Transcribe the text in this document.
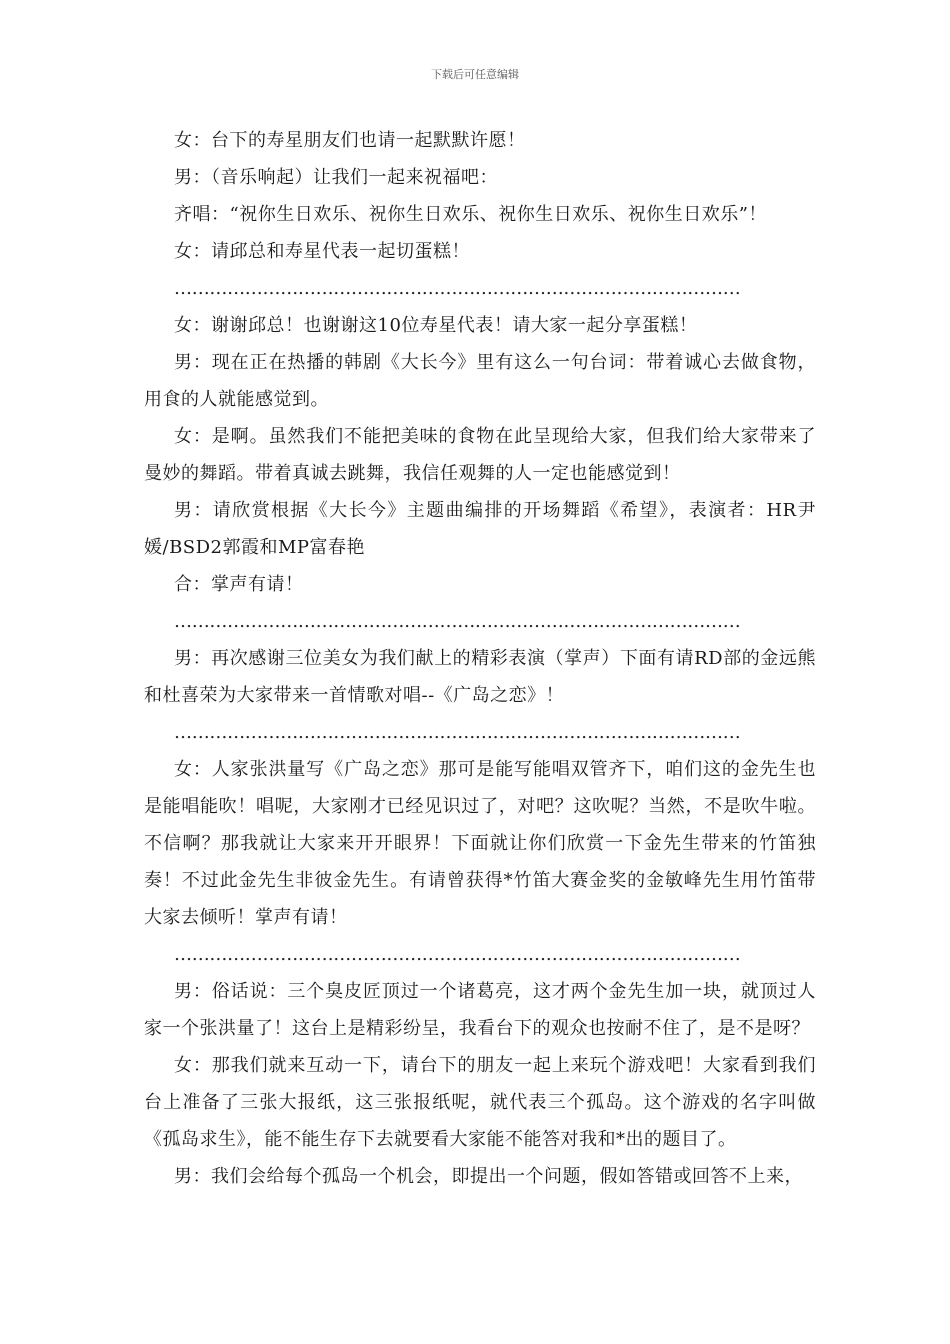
下载后可任意编辑

女：台下的寿星朋友们也请一起默默许愿！

男：（音乐响起）让我们一起来祝福吧：

齐唱：“祝你生日欢乐、祝你生日欢乐、祝你生日欢乐、祝你生日欢乐”！

女：请邱总和寿星代表一起切蛋糕！

……………………………………………………………………………………

女：谢谢邱总！也谢谢这10位寿星代表！请大家一起分享蛋糕！

男：现在正在热播的韩剧《大长今》里有这么一句台词：带着诚心去做食物，用食的人就能感觉到。

女：是啊。虽然我们不能把美味的食物在此呈现给大家，但我们给大家带来了曼妙的舞蹈。带着真诚去跳舞，我信任观舞的人一定也能感觉到！

男：请欣赏根据《大长今》主题曲编排的开场舞蹈《希望》，表演者：HR尹媛/BSD2郭霞和MP富春艳

合：掌声有请！

……………………………………………………………………………………

男：再次感谢三位美女为我们献上的精彩表演（掌声）下面有请RD部的金远熊和杜喜荣为大家带来一首情歌对唱--《广岛之恋》！

……………………………………………………………………………………

女：人家张洪量写《广岛之恋》那可是能写能唱双管齐下，咱们这的金先生也是能唱能吹！唱呢，大家刚才已经见识过了，对吧？这吹呢？当然，不是吹牛啦。不信啊？那我就让大家来开开眼界！下面就让你们欣赏一下金先生带来的竹笛独奏！不过此金先生非彼金先生。有请曾获得*竹笛大赛金奖的金敏峰先生用竹笛带大家去倾听！掌声有请！

……………………………………………………………………………………

男：俗话说：三个臭皮匠顶过一个诸葛亮，这才两个金先生加一块，就顶过人家一个张洪量了！这台上是精彩纷呈，我看台下的观众也按耐不住了，是不是呀？

女：那我们就来互动一下，请台下的朋友一起上来玩个游戏吧！大家看到我们台上准备了三张大报纸，这三张报纸呢，就代表三个孤岛。这个游戏的名字叫做《孤岛求生》，能不能生存下去就要看大家能不能答对我和*出的题目了。

男：我们会给每个孤岛一个机会，即提出一个问题，假如答错或回答不上来，
